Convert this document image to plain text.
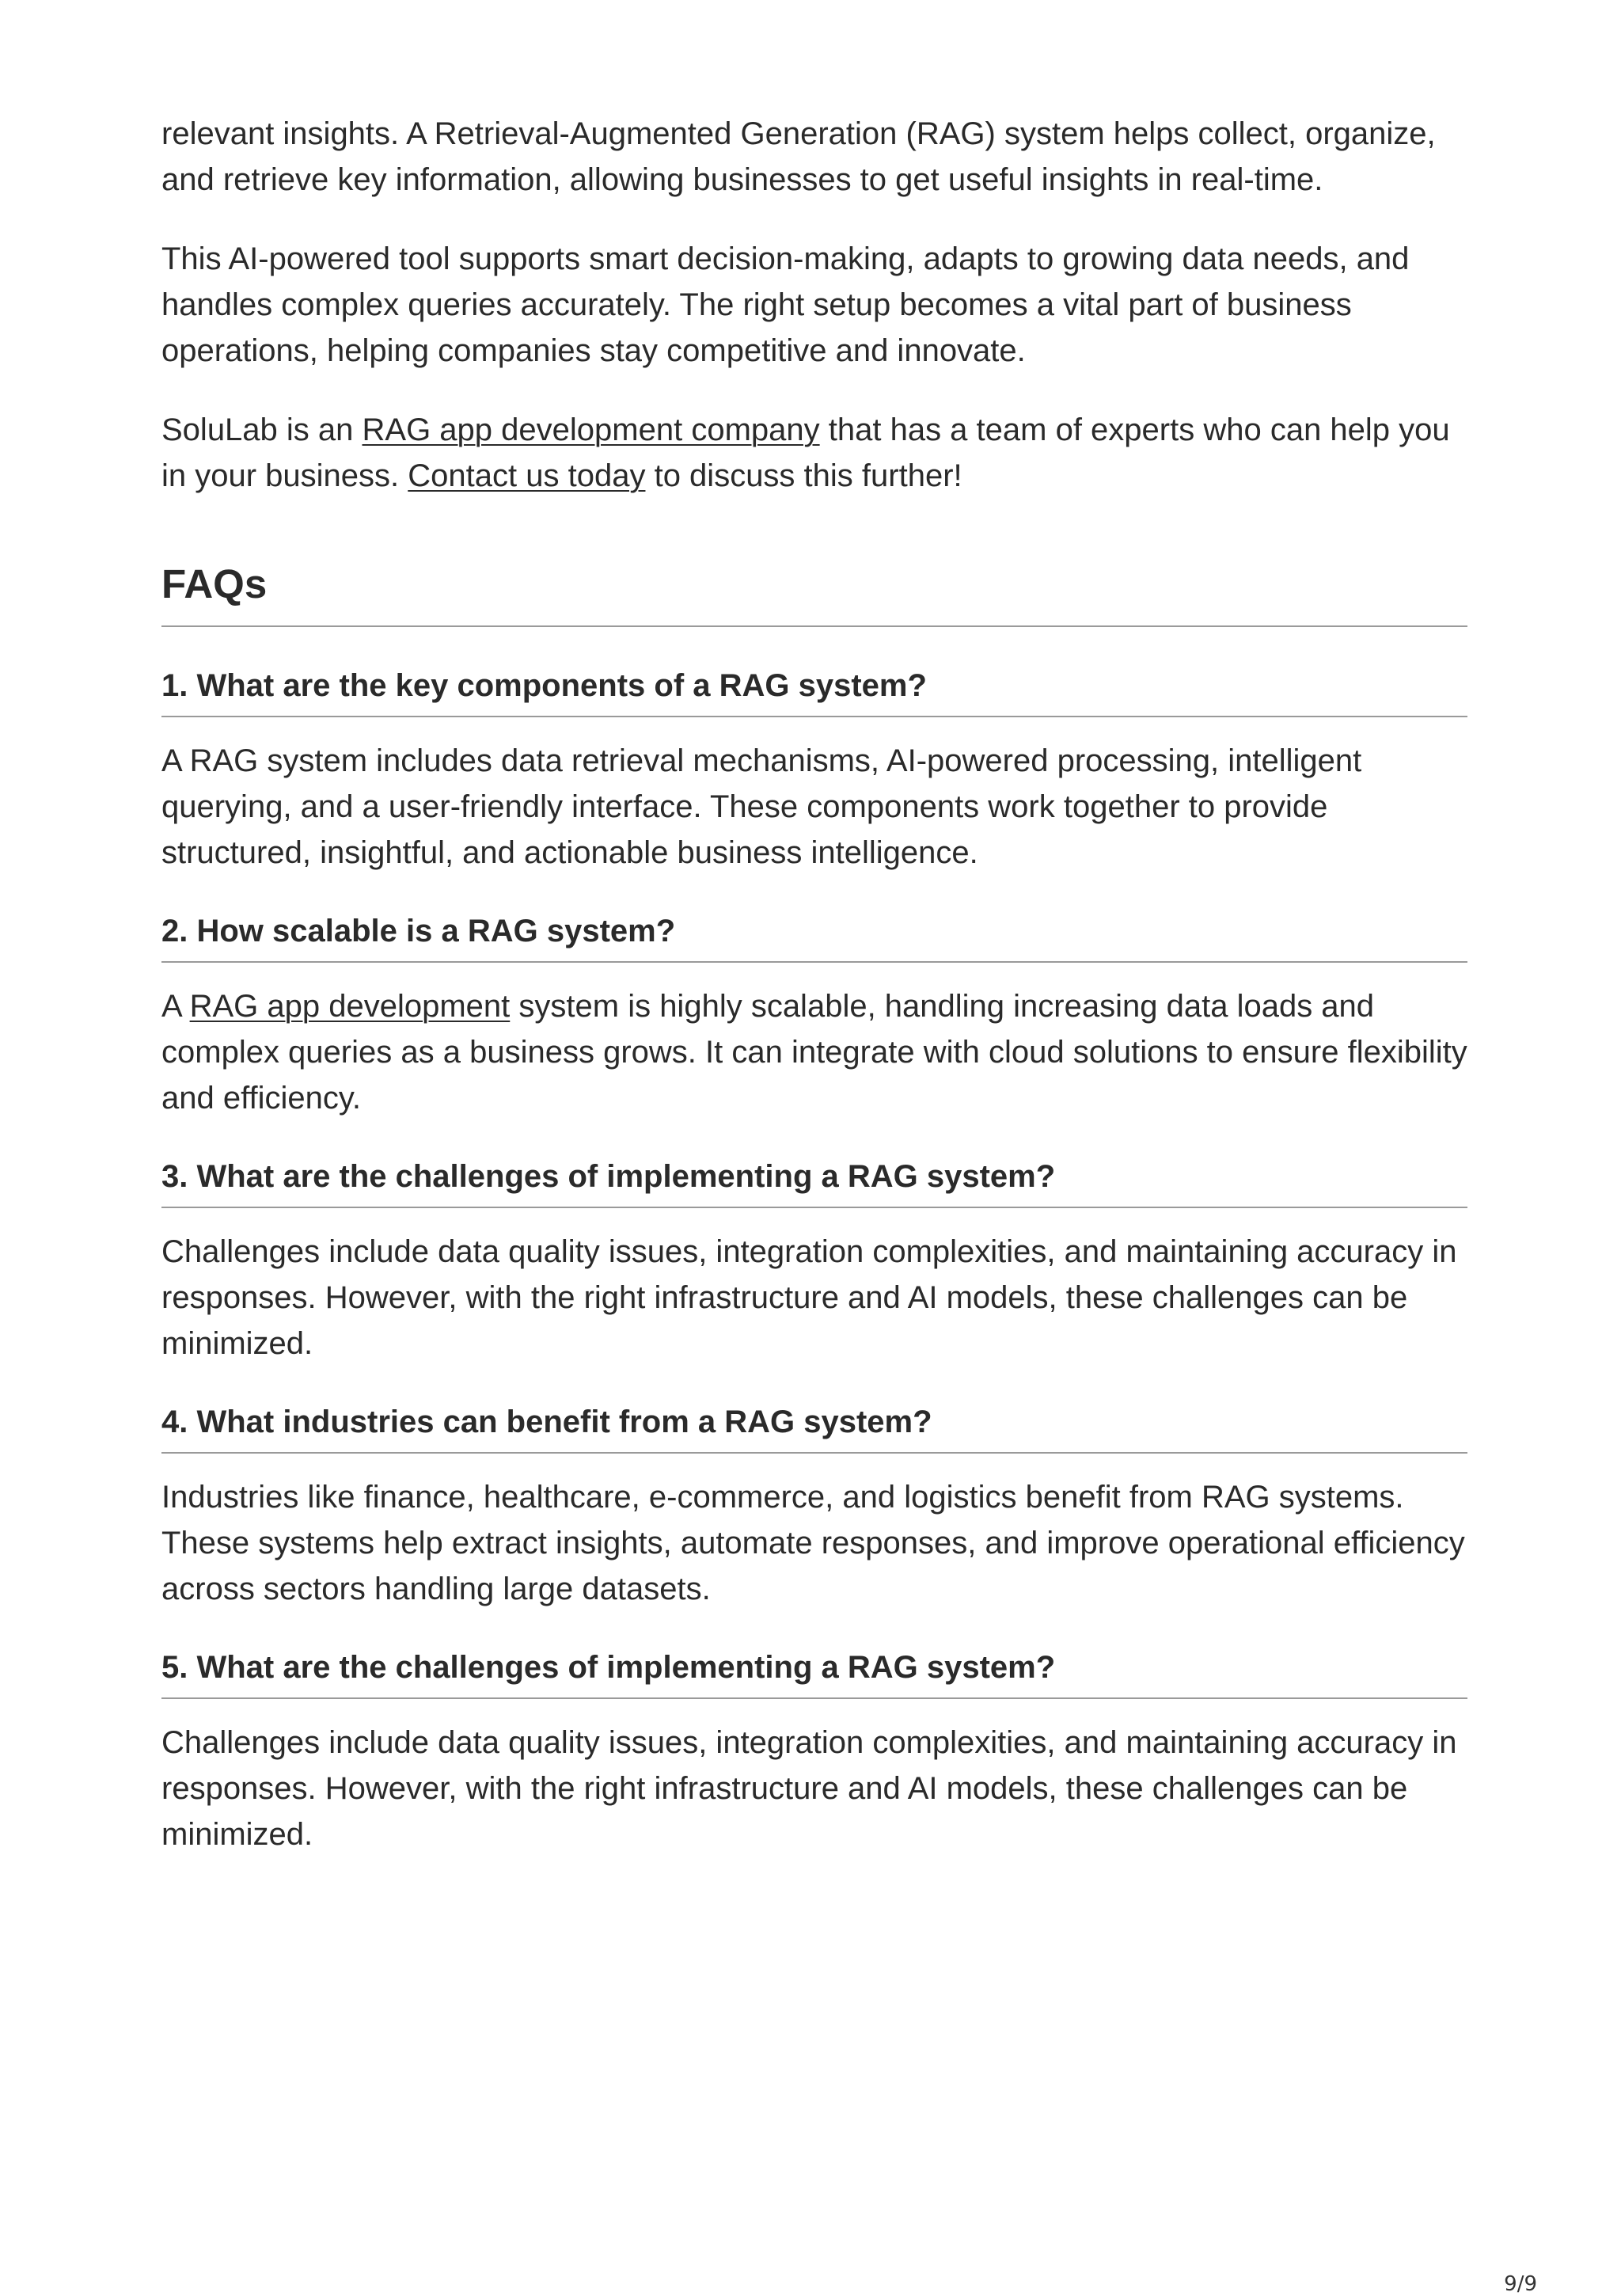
relevant insights. A Retrieval-Augmented Generation (RAG) system helps collect, organize, and retrieve key information, allowing businesses to get useful insights in real-time.

This AI-powered tool supports smart decision-making, adapts to growing data needs, and handles complex queries accurately. The right setup becomes a vital part of business operations, helping companies stay competitive and innovate.

SoluLab is an RAG app development company that has a team of experts who can help you in your business. Contact us today to discuss this further!

FAQs
1. What are the key components of a RAG system?
A RAG system includes data retrieval mechanisms, AI-powered processing, intelligent querying, and a user-friendly interface. These components work together to provide structured, insightful, and actionable business intelligence.
2. How scalable is a RAG system?
A RAG app development system is highly scalable, handling increasing data loads and complex queries as a business grows. It can integrate with cloud solutions to ensure flexibility and efficiency.
3. What are the challenges of implementing a RAG system?
Challenges include data quality issues, integration complexities, and maintaining accuracy in responses. However, with the right infrastructure and AI models, these challenges can be minimized.
4. What industries can benefit from a RAG system?
Industries like finance, healthcare, e-commerce, and logistics benefit from RAG systems. These systems help extract insights, automate responses, and improve operational efficiency across sectors handling large datasets.
5. What are the challenges of implementing a RAG system?
Challenges include data quality issues, integration complexities, and maintaining accuracy in responses. However, with the right infrastructure and AI models, these challenges can be minimized.
9/9
